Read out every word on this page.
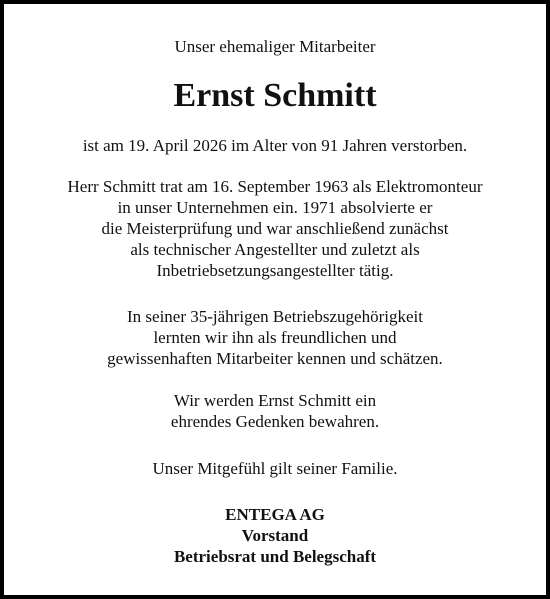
Unser ehemaliger Mitarbeiter
Ernst Schmitt
ist am 19. April 2026 im Alter von 91 Jahren verstorben.
Herr Schmitt trat am 16. September 1963 als Elektromonteur
in unser Unternehmen ein. 1971 absolvierte er
die Meisterprüfung und war anschließend zunächst
als technischer Angestellter und zuletzt als
Inbetriebsetzungsangestellter tätig.
In seiner 35-jährigen Betriebszugehörigkeit
lernten wir ihn als freundlichen und
gewissenhaften Mitarbeiter kennen und schätzen.
Wir werden Ernst Schmitt ein
ehrendes Gedenken bewahren.
Unser Mitgefühl gilt seiner Familie.
ENTEGA AG
Vorstand
Betriebsrat und Belegschaft
